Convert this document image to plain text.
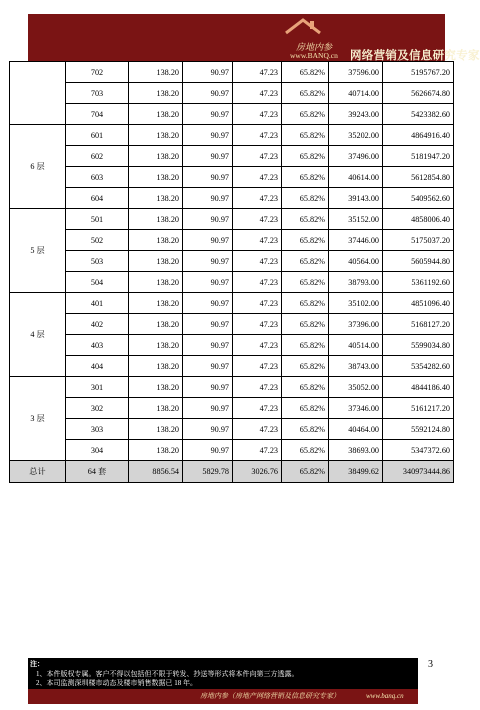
房地内参
www.BANQ.cn 网络营销及信息研究专家
	702	138.20	90.97	47.23	65.82%	37596.00	5195767.20
	703	138.20	90.97	47.23	65.82%	40714.00	5626674.80
	704	138.20	90.97	47.23	65.82%	39243.00	5423382.60
6 层	601	138.20	90.97	47.23	65.82%	35202.00	4864916.40
	602	138.20	90.97	47.23	65.82%	37496.00	5181947.20
	603	138.20	90.97	47.23	65.82%	40614.00	5612854.80
	604	138.20	90.97	47.23	65.82%	39143.00	5409562.60
5 层	501	138.20	90.97	47.23	65.82%	35152.00	4858006.40
	502	138.20	90.97	47.23	65.82%	37446.00	5175037.20
	503	138.20	90.97	47.23	65.82%	40564.00	5605944.80
	504	138.20	90.97	47.23	65.82%	38793.00	5361192.60
4 层	401	138.20	90.97	47.23	65.82%	35102.00	4851096.40
	402	138.20	90.97	47.23	65.82%	37396.00	5168127.20
	403	138.20	90.97	47.23	65.82%	40514.00	5599034.80
	404	138.20	90.97	47.23	65.82%	38743.00	5354282.60
3 层	301	138.20	90.97	47.23	65.82%	35052.00	4844186.40
	302	138.20	90.97	47.23	65.82%	37346.00	5161217.20
	303	138.20	90.97	47.23	65.82%	40464.00	5592124.80
	304	138.20	90.97	47.23	65.82%	38693.00	5347372.60
总计	64 套	8856.54	5829.78	3026.76	65.82%	38499.62	340973444.86
注：
1、本件版权专属。客户不得以包括但不限于转发、抄送等形式将本件向第三方透露。
2、本司监测深圳楼市动态及楼市销售数据已 18 年。
房地内参（房地产网络营销及信息研究专家）	www.banq.cn
3
